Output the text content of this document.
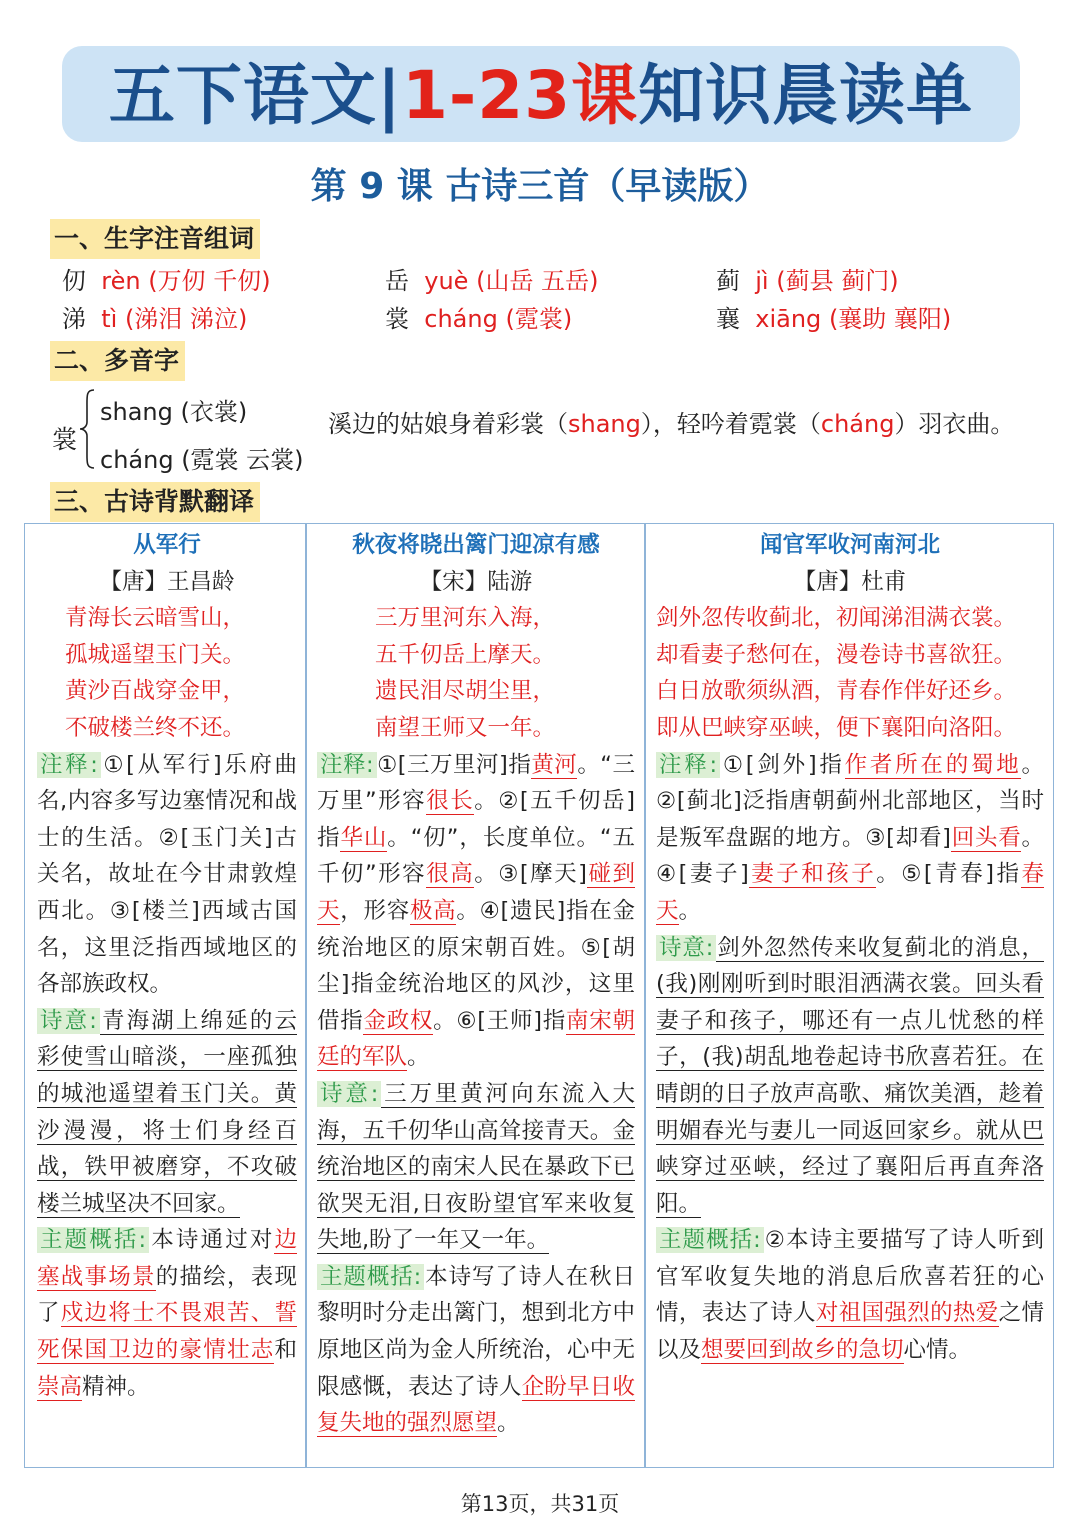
五下语文|1-23课知识晨读单
第 9 课 古诗三首（早读版）
一、生字注音组词
仞 rèn (万仞 千仞)	岳 yuè (山岳 五岳)	蓟 jì (蓟县 蓟门)
涕 tì (涕泪 涕泣)	裳 cháng (霓裳)	襄 xiāng (襄助 襄阳)
二、多音字
裳
shang (衣裳)
cháng (霓裳 云裳)
溪边的姑娘身着彩裳（shang），轻吟着霓裳（cháng）羽衣曲。
三、古诗背默翻译
从军行
【唐】王昌龄
青海长云暗雪山，
孤城遥望玉门关。
黄沙百战穿金甲，
不破楼兰终不还。
注释: ①[从军行]乐府曲名,内容多写边塞情况和战士的生活。②[玉门关]古关名，故址在今甘肃敦煌西北。③[楼兰]西域古国名，这里泛指西域地区的各部族政权。
诗意: 青海湖上绵延的云彩使雪山暗淡，一座孤独的城池遥望着玉门关。黄沙漫漫，将士们身经百战，铁甲被磨穿，不攻破楼兰城坚决不回家。
主题概括: 本诗通过对边塞战事场景的描绘，表现了戍边将士不畏艰苦、誓死保国卫边的豪情壮志和崇高精神。
秋夜将晓出篱门迎凉有感
【宋】陆游
三万里河东入海，
五千仞岳上摩天。
遗民泪尽胡尘里，
南望王师又一年。
注释: ①[三万里河]指黄河。“三万里”形容很长。②[五千仞岳]指华山。“仞”，长度单位。“五千仞”形容很高。③[摩天]碰到天，形容极高。④[遗民]指在金统治地区的原宋朝百姓。⑤[胡尘]指金统治地区的风沙，这里借指金政权。⑥[王师]指南宋朝廷的军队。
诗意: 三万里黄河向东流入大海，五千仞华山高耸接青天。金统治地区的南宋人民在暴政下已欲哭无泪,日夜盼望官军来收复失地,盼了一年又一年。
主题概括: 本诗写了诗人在秋日黎明时分走出篱门，想到北方中原地区尚为金人所统治，心中无限感慨，表达了诗人企盼早日收复失地的强烈愿望。
闻官军收河南河北
【唐】杜甫
剑外忽传收蓟北，初闻涕泪满衣裳。
却看妻子愁何在，漫卷诗书喜欲狂。
白日放歌须纵酒，青春作伴好还乡。
即从巴峡穿巫峡，便下襄阳向洛阳。
注释: ①[剑外]指作者所在的蜀地。②[蓟北]泛指唐朝蓟州北部地区，当时是叛军盘踞的地方。③[却看]回头看。④[妻子]妻子和孩子。⑤[青春]指春天。
诗意: 剑外忽然传来收复蓟北的消息，(我)刚刚听到时眼泪洒满衣裳。回头看妻子和孩子，哪还有一点儿忧愁的样子，(我)胡乱地卷起诗书欣喜若狂。在晴朗的日子放声高歌、痛饮美酒，趁着明媚春光与妻儿一同返回家乡。就从巴峡穿过巫峡，经过了襄阳后再直奔洛阳。
主题概括: ②本诗主要描写了诗人听到官军收复失地的消息后欣喜若狂的心情，表达了诗人对祖国强烈的热爱之情以及想要回到故乡的急切心情。
第13页，共31页
